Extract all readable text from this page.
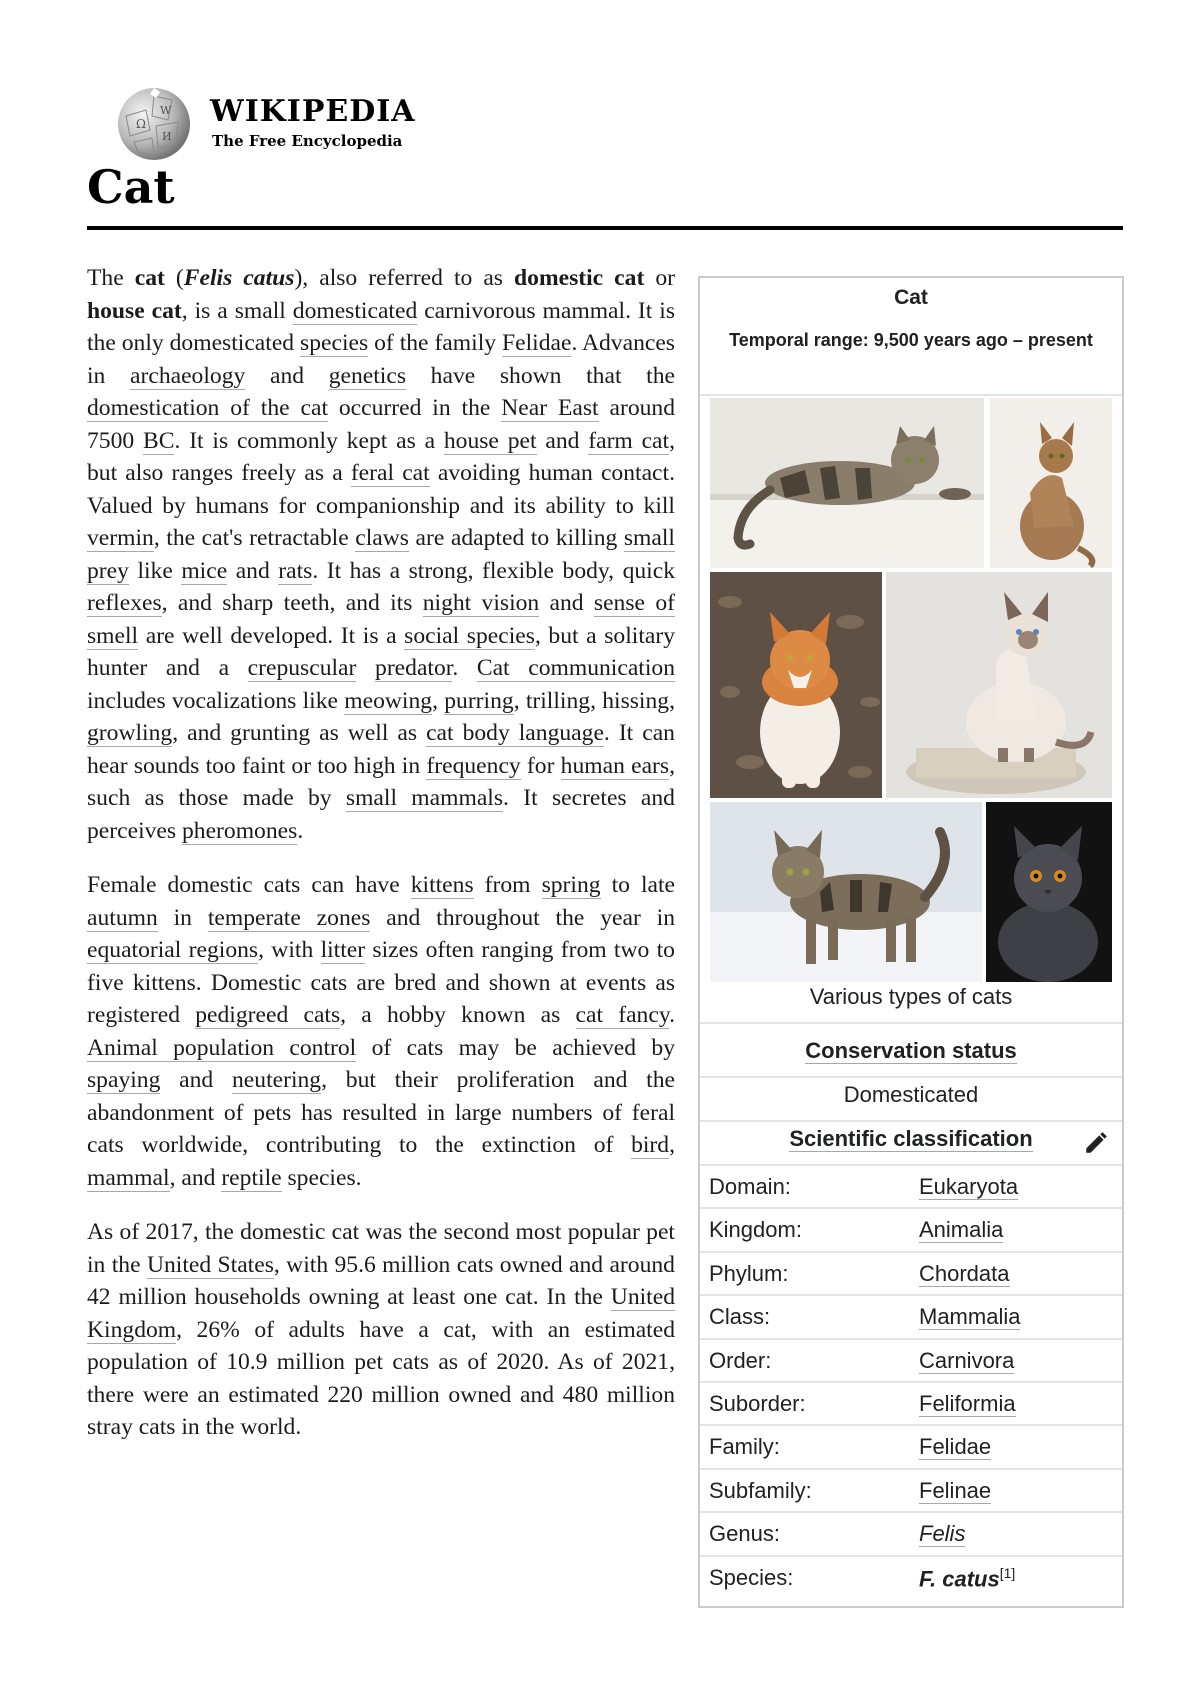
Ω
W
И
WIKIPEDIA
The Free Encyclopedia
Cat

The cat (Felis catus), also referred to as domestic cat or house cat, is a small domesticated carnivorous mammal. It is the only domesticated species of the family Felidae. Advances in archaeology and genetics have shown that the domestication of the cat occurred in the Near East around 7500 BC. It is commonly kept as a house pet and farm cat, but also ranges freely as a feral cat avoiding human contact. Valued by humans for companionship and its ability to kill vermin, the cat's retractable claws are adapted to killing small prey like mice and rats. It has a strong, flexible body, quick reflexes, and sharp teeth, and its night vision and sense of smell are well developed. It is a social species, but a solitary hunter and a crepuscular predator. Cat communication includes vocalizations like meowing, purring, trilling, hissing, growling, and grunting as well as cat body language. It can hear sounds too faint or too high in frequency for human ears, such as those made by small mammals. It secretes and perceives pheromones.

Female domestic cats can have kittens from spring to late autumn in temperate zones and throughout the year in equatorial regions, with litter sizes often ranging from two to five kittens. Domestic cats are bred and shown at events as registered pedigreed cats, a hobby known as cat fancy. Animal population control of cats may be achieved by spaying and neutering, but their proliferation and the abandonment of pets has resulted in large numbers of feral cats worldwide, contributing to the extinction of bird, mammal, and reptile species.

As of 2017, the domestic cat was the second most popular pet in the United States, with 95.6 million cats owned and around 42 million households owning at least one cat. In the United Kingdom, 26% of adults have a cat, with an estimated population of 10.9 million pet cats as of 2020. As of 2021, there were an estimated 220 million owned and 480 million stray cats in the world.

Cat
Temporal range: 9,500 years ago – present
Various types of cats
Conservation status
Domesticated
Scientific classification
Domain:	Eukaryota
Kingdom:	Animalia
Phylum:	Chordata
Class:	Mammalia
Order:	Carnivora
Suborder:	Feliformia
Family:	Felidae
Subfamily:	Felinae
Genus:	Felis
Species:	F. catus[1]
